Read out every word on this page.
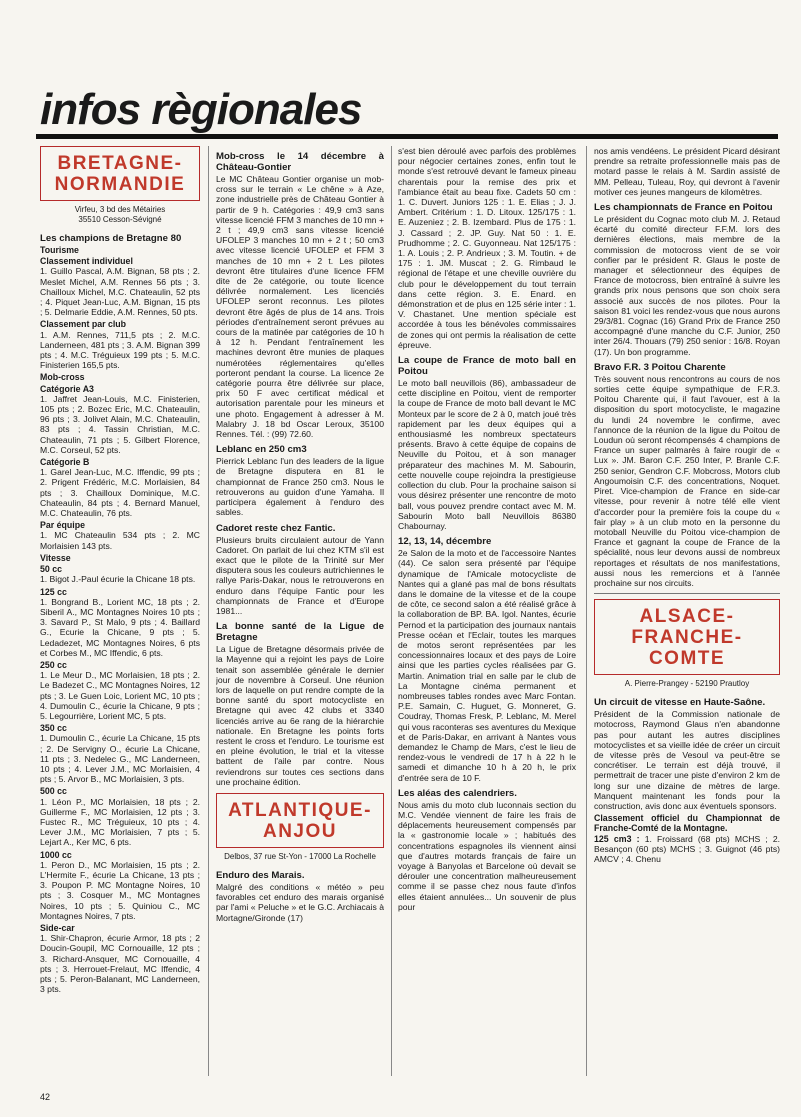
infos règionales
BRETAGNE-NORMANDIE
Virfeu, 3 bd des Métairies
35510 Cesson-Sévigné
Les champions de Bretagne 80
Tourisme
Classement individuel
1. Guillo Pascal, A.M. Bignan, 58 pts ; 2. Meslet Michel, A.M. Rennes 56 pts ; 3. Chailloux Michel, M.C. Chateaulin, 52 pts ; 4. Piquet Jean-Luc, A.M. Bignan, 15 pts ; 5. Delmarie Eddie, A.M. Rennes, 50 pts.
Classement par club
1. A.M. Rennes, 711,5 pts ; 2. M.C. Landerneen, 481 pts ; 3. A.M. Bignan 399 pts ; 4. M.C. Tréguieux 199 pts ; 5. M.C. Finisterien 165,5 pts.
Mob-cross
Catégorie A3
1. Jaffret Jean-Louis, M.C. Finisterien, 105 pts ; 2. Bozec Eric, M.C. Chateaulin, 96 pts ; 3. Jolivet Alain, M.C. Chateaulin, 83 pts ; 4. Tassin Christian, M.C. Chateaulin, 71 pts ; 5. Gilbert Florence, M.C. Corseul, 52 pts.
Catégorie B
1. Garel Jean-Luc, M.C. Iffendic, 99 pts ; 2. Prigent Frédéric, M.C. Morlaisien, 84 pts ; 3. Chailloux Dominique, M.C. Chateaulin, 84 pts ; 4. Bernard Manuel, M.C. Chateaulin, 76 pts.
Par équipe
1. MC Chateaulin 534 pts ; 2. MC Morlaisien 143 pts.
Vitesse
50 cc
1. Bigot J.-Paul écurie la Chicane 18 pts.
125 cc
1. Bongrand B., Lorient MC, 18 pts ; 2. Siberil A., MC Montagnes Noires 10 pts ; 3. Savard P., St Malo, 9 pts ; 4. Baillard G., Ecurie la Chicane, 9 pts ; 5. Ledadezet, MC Montagnes Noires, 6 pts et Corbes M., MC Iffendic, 6 pts.
250 cc
1. Le Meur D., MC Morlaisien, 18 pts ; 2. Le Badezet C., MC Montagnes Noires, 12 pts ; 3. Le Guen Loic, Lorient MC, 10 pts ; 4. Dumoulin C., écurie la Chicane, 9 pts ; 5. Legourrière, Lorient MC, 5 pts.
350 cc
1. Dumoulin C., écurie La Chicane, 15 pts ; 2. De Servigny O., écurie La Chicane, 11 pts ; 3. Nedelec G., MC Landerneen, 10 pts ; 4. Lever J.M., MC Morlaisien, 4 pts ; 5. Arvor B., MC Morlaisien, 3 pts.
500 cc
1. Léon P., MC Morlaisien, 18 pts ; 2. Guillerme F., MC Morlaisien, 12 pts ; 3. Fustec R., MC Tréguieux, 10 pts ; 4. Lever J.M., MC Morlaisien, 7 pts ; 5. Lejart A., Ker MC, 6 pts.
1000 cc
1. Peron D., MC Morlaisien, 15 pts ; 2. L'Hermite F., écurie La Chicane, 13 pts ; 3. Poupon P. MC Montagne Noires, 10 pts ; 3. Cosquer M., MC Montagnes Noires, 10 pts ; 5. Quiniou C., MC Montagnes Noires, 7 pts.
Side-car
1. Shir-Chapron, écurie Armor, 18 pts ; 2 Doucin-Goupil, MC Cornouaille, 12 pts ; 3. Richard-Ansquer, MC Cornouaille, 4 pts ; 3. Herrouet-Frelaut, MC Iffendic, 4 pts ; 5. Peron-Balanant, MC Landerneen, 3 pts.
Mob-cross le 14 décembre à Château-Gontier
Le MC Château Gontier organise un mob-cross sur le terrain « Le chêne » à Aze, zone industrielle près de Château Gontier à partir de 9 h. Catégories : 49,9 cm3 sans vitesse licencié FFM 3 manches de 10 mn + 2 t ; 49,9 cm3 sans vitesse licencié UFOLEP 3 manches 10 mn + 2 t ; 50 cm3 avec vitesse licencié UFOLEP et FFM 3 manches de 10 mn + 2 t. Les pilotes devront être titulaires d'une licence FFM dite de 2e catégorie, ou toute licence délivrée normalement. Les licenciés UFOLEP seront reconnus. Les pilotes devront être âgés de plus de 14 ans. Trois périodes d'entraînement seront prévues au cours de la matinée par catégories de 10 h à 12 h. Pendant l'entraînement les machines devront être munies de plaques numérotées réglementaires qu'elles porteront pendant la course. La licence 2e catégorie pourra être délivrée sur place, prix 50 F avec certificat médical et autorisation parentale pour les mineurs et une photo. Engagement à adresser à M. Malabry J. 18 bd Oscar Leroux, 35100 Rennes. Tél. : (99) 72.60.
Leblanc en 250 cm3
Pierrick Leblanc l'un des leaders de la ligue de Bretagne disputera en 81 le championnat de France 250 cm3. Nous le retrouverons au guidon d'une Yamaha. Il participera également à l'enduro des sables.
Cadoret reste chez Fantic.
Plusieurs bruits circulaient autour de Yann Cadoret. On parlait de lui chez KTM s'il est exact que le pilote de la Trinité sur Mer disputera sous les couleurs autrichiennes le rallye Paris-Dakar, nous le retrouverons en enduro dans l'équipe Fantic pour les championnats de France et d'Europe 1981...
La bonne santé de la Ligue de Bretagne
La Ligue de Bretagne désormais privée de la Mayenne qui a rejoint les pays de Loire tenait son assemblée générale le dernier jour de novembre à Corseul. Une réunion lors de laquelle on put rendre compte de la bonne santé du sport motocycliste en Bretagne qui avec 42 clubs et 3340 licenciés arrive au 6e rang de la hiérarchie nationale. En Bretagne les points forts restent le cross et l'enduro. Le tourisme est en pleine évolution, le trial et la vitesse battent de l'aile par contre. Nous reviendrons sur toutes ces sections dans une prochaine édition.
ATLANTIQUE-ANJOU
Delbos, 37 rue St-Yon - 17000 La Rochelle
Enduro des Marais.
Malgré des conditions « météo » peu favorables cet enduro des marais organisé par l'ami « Peluche » et le G.C. Archiacais à Mortagne/Gironde (17)
s'est bien déroulé avec parfois des problèmes pour négocier certaines zones, enfin tout le monde s'est retrouvé devant le fameux pineau charentais pour la remise des prix et l'ambiance était au beau fixe. Cadets 50 cm : 1. C. Duvert. Juniors 125 : 1. E. Elias ; J. J. Ambert. Critérium : 1. D. Litoux. 125/175 : 1. E. Auzeniez ; 2. B. Izembard. Plus de 175 : 1. J. Cassard ; 2. JP. Guy. Nat 50 : 1. E. Prudhomme ; 2. C. Guyonneau. Nat 125/175 : 1. A. Louis ; 2. P. Andrieux ; 3. M. Toutin. + de 175 : 1. JM. Muscat ; 2. G. Rimbaud le régional de l'étape et une cheville ouvrière du club pour le développement du tout terrain dans cette région. 3. E. Enard. en démonstration et de plus en 125 série inter : 1. V. Chastanet. Une mention spéciale est accordée à tous les bénévoles commissaires de zones qui ont permis la réalisation de cette épreuve.
La coupe de France de moto ball en Poitou
Le moto ball neuvillois (86), ambassadeur de cette discipline en Poitou, vient de remporter la coupe de France de moto ball devant le MC Monteux par le score de 2 à 0, match joué très rapidement par les deux équipes qui a enthousiasmé les nombreux spectateurs présents. Bravo à cette équipe de copains de Neuville du Poitou, et à son manager préparateur des machines M. M. Sabourin, cette nouvelle coupe rejoindra la prestigieuse collection du club. Pour la prochaine saison si vous désirez présenter une rencontre de moto ball, vous pouvez prendre contact avec M. M. Sabourin Moto ball Neuvillois 86380 Chabournay.
12, 13, 14, décembre
2e Salon de la moto et de l'accessoire Nantes (44). Ce salon sera présenté par l'équipe dynamique de l'Amicale motocycliste de Nantes qui a glané pas mal de bons résultats dans le domaine de la vitesse et de la coupe de côte, ce second salon a été réalisé grâce à la collaboration de BP. BA. Igol. Nantes, écurie Pernod et la participation des journaux nantais Presse océan et l'Eclair, toutes les marques de motos seront représentées par les concessionnaires locaux et des pays de Loire ainsi que les parties cycles réalisées par G. Martin. Animation trial en salle par le club de La Montagne cinéma permanent et nombreuses tables rondes avec Marc Fontan. P.E. Samain, C. Huguet, G. Monneret, G. Coudray, Thomas Fresk, P. Leblanc, M. Merel qui vous raconteras ses aventures du Mexique et de Paris-Dakar, en arrivant à Nantes vous demandez le Champ de Mars, c'est le lieu de rendez-vous le vendredi de 17 h à 22 h le samedi et dimanche 10 h à 20 h, le prix d'entrée sera de 10 F.
Les aléas des calendriers.
Nous amis du moto club luconnais section du M.C. Vendée viennent de faire les frais de déplacements heureusement compensés par la « gastronomie locale » ; habitués des concentrations espagnoles ils viennent ainsi que d'autres motards français de faire un voyage à Banyolas et Barcelone où devait se dérouler une concentration malheureusement comme il se passe chez nous faute d'infos elles étaient annulées... Un souvenir de plus pour
nos amis vendéens. Le président Picard désirant prendre sa retraite professionnelle mais pas de motard passe le relais à M. Sardin assisté de MM. Pelleau, Tuleau, Roy, qui devront à l'avenir motiver ces jeunes mangeurs de kilomètres.
Les championnats de France en Poitou
Le président du Cognac moto club M. J. Retaud écarté du comité directeur F.F.M. lors des dernières élections, mais membre de la commission de motocross vient de se voir confier par le président R. Glaus le poste de manager et sélectionneur des équipes de France de motocross, bien entraîné à suivre les grands prix nous pensons que son choix sera associé aux succès de nos pilotes. Pour la saison 81 voici les rendez-vous que nous aurons 29/3/81. Cognac (16) Grand Prix de France 250 accompagné d'une manche du C.F. Junior, 250 inter 26/4. Thouars (79) 250 senior : 16/8. Royan (17). Un bon programme.
Bravo F.R. 3 Poitou Charente
Très souvent nous rencontrons au cours de nos sorties cette équipe sympathique de F.R.3. Poitou Charente qui, il faut l'avouer, est à la disposition du sport motocycliste, le magazine du lundi 24 novembre le confirme, avec l'annonce de la réunion de la ligue du Poitou de Loudun où seront récompensés 4 champions de France un super palmarès à faire rougir de « Lux ». JM. Baron C.F. 250 Inter, P. Branle C.F. 250 senior, Gendron C.F. Mobcross, Motors club Angoumoisin C.F. des concentrations, Noquet. Piret. Vice-champion de France en side-car vitesse, pour revenir à notre télé elle vient d'accorder pour la première fois la coupe du « fair play » à un club moto en la personne du motoball Neuville du Poitou vice-champion de France et gagnant la coupe de France de la spécialité, nous leur devons aussi de nombreux reportages et résultats de nos manifestations, aussi nous les remercions et à l'année prochaine sur nos circuits.
ALSACE-FRANCHE-COMTE
A. Pierre-Prangey - 52190 Prautloy
Un circuit de vitesse en Haute-Saône.
Président de la Commission nationale de motocross, Raymond Glaus n'en abandonne pas pour autant les autres disciplines motocyclistes et sa vieille idée de créer un circuit de vitesse près de Vesoul va peut-être se concrétiser. Le terrain est déjà trouvé, il permettrait de tracer une piste d'environ 2 km de long sur une dizaine de mètres de large. Manquent maintenant les fonds pour la construction, avis donc aux éventuels sponsors.
Classement officiel du Championnat de Franche-Comté de la Montagne.
125 cm3 : 1. Froissard (68 pts) MCHS ; 2. Besançon (60 pts) MCHS ; 3. Guignot (46 pts) AMCV ; 4. Chenu
42
